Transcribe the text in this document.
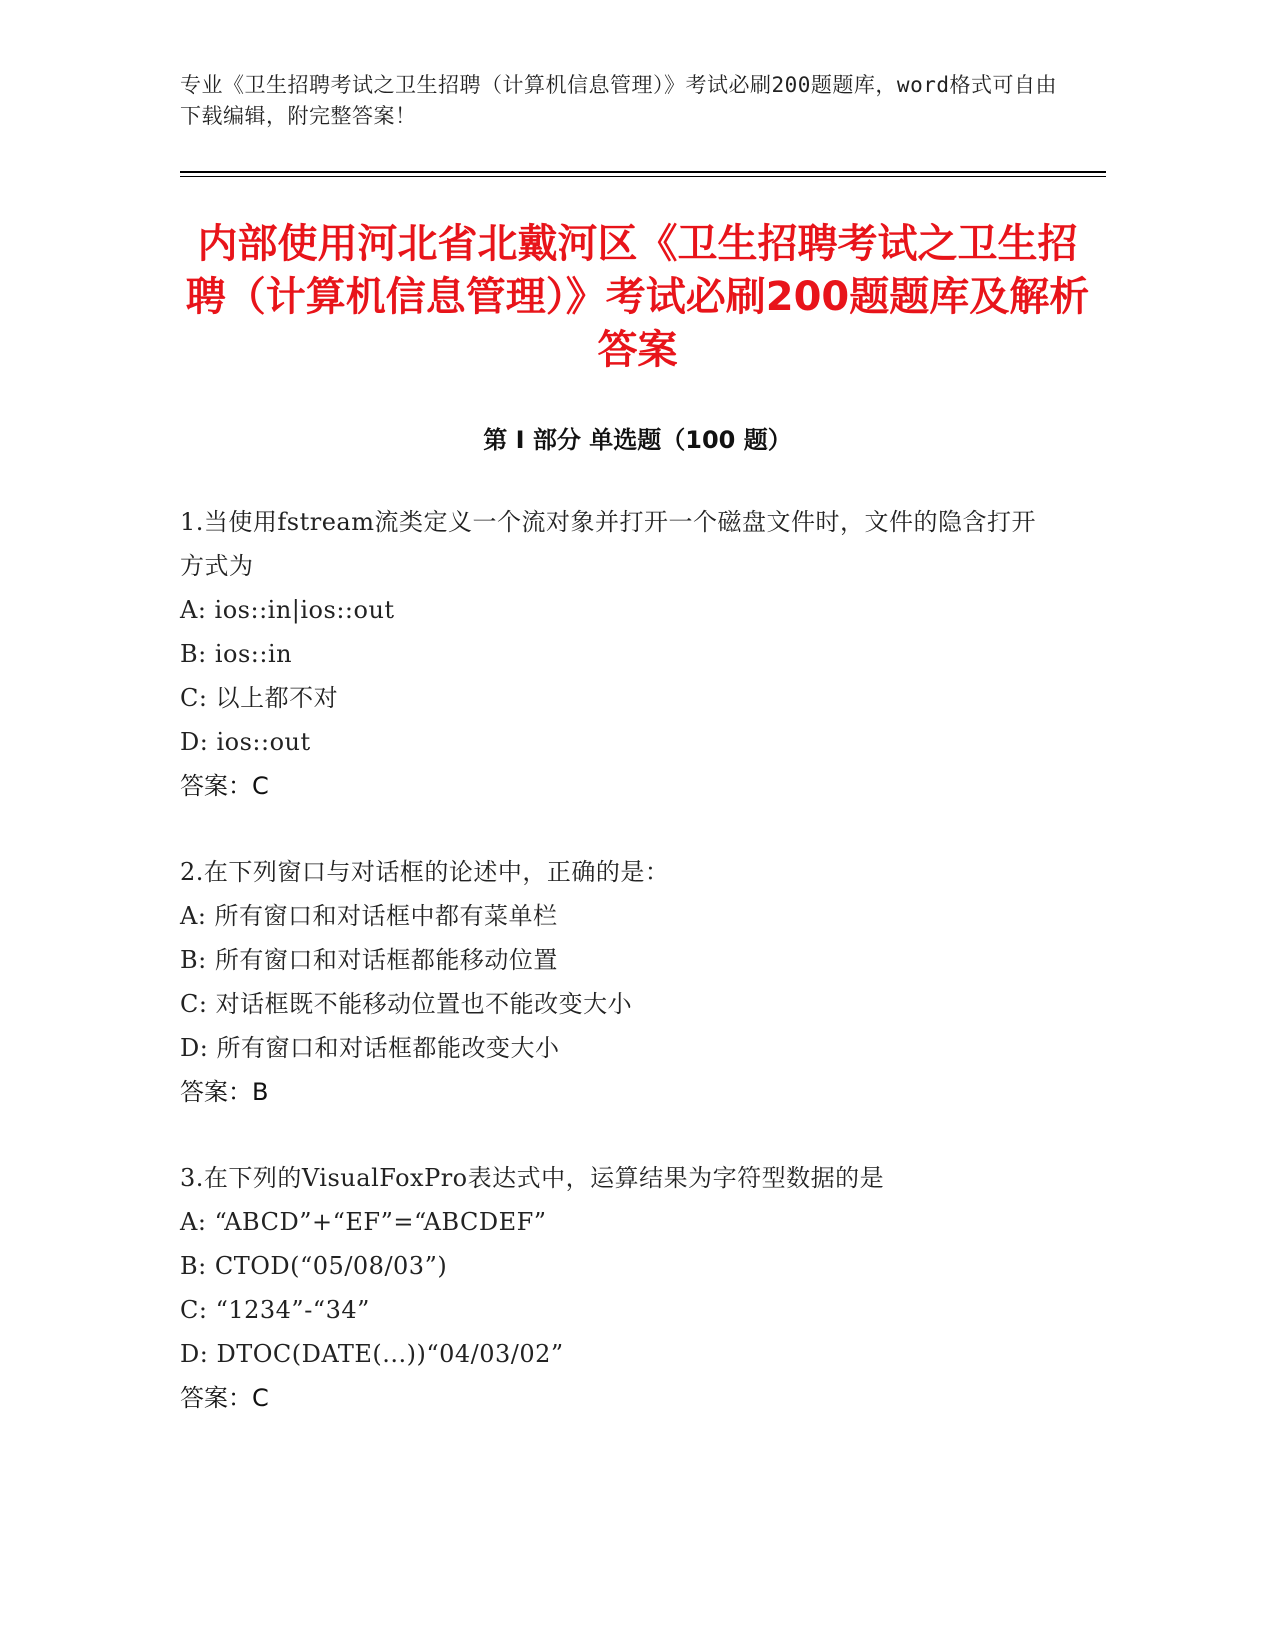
专业《卫生招聘考试之卫生招聘（计算机信息管理）》考试必刷200题题库，word格式可自由下载编辑，附完整答案！
内部使用河北省北戴河区《卫生招聘考试之卫生招聘（计算机信息管理）》考试必刷200题题库及解析答案
第 I 部分 单选题（100 题）
1.当使用fstream流类定义一个流对象并打开一个磁盘文件时，文件的隐含打开方式为
A: ios::in|ios::out
B: ios::in
C: 以上都不对
D: ios::out
答案：C
2.在下列窗口与对话框的论述中，正确的是：
A: 所有窗口和对话框中都有菜单栏
B: 所有窗口和对话框都能移动位置
C: 对话框既不能移动位置也不能改变大小
D: 所有窗口和对话框都能改变大小
答案：B
3.在下列的VisualFoxPro表达式中，运算结果为字符型数据的是
A: “ABCD”+“EF”=“ABCDEF”
B: CTOD(“05/08/03”)
C: “1234”-“34”
D: DTOC(DATE(...))“04/03/02”
答案：C
